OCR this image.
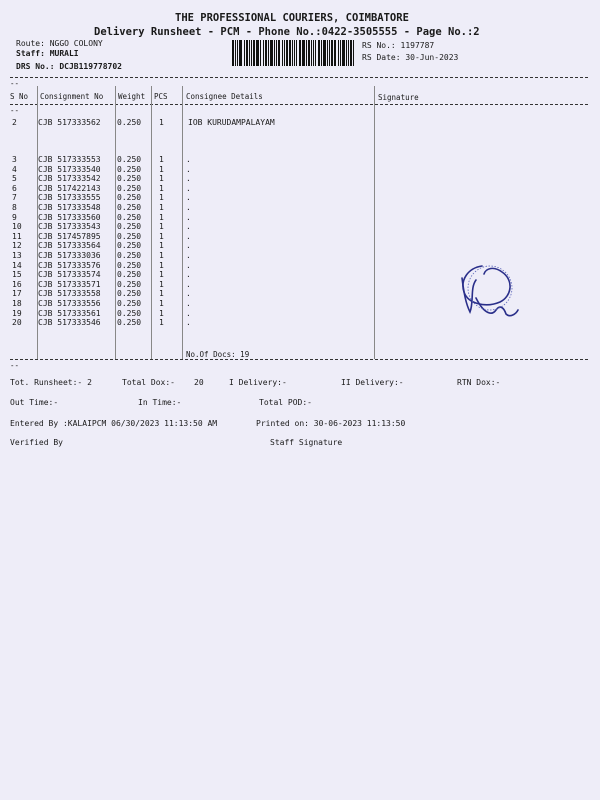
THE PROFESSIONAL COURIERS, COIMBATORE
Delivery Runsheet - PCM - Phone No.:0422-3505555 - Page No.:2
Route: NGGO COLONY
Staff: MURALI
DRS No.: DCJB119778702
RS No.: 1197787
RS Date: 30-Jun-2023
--
S No Consignment No Weight PCS Consignee Details	Signature
--
2	CJB 517333562 0.250 1	IOB KURUDAMPALAYAM
3	CJB 517333553 0.250 1	.
4	CJB 517333540 0.250 1	.
5	CJB 517333542 0.250 1	.
6	CJB 517422143 0.250 1	.
7	CJB 517333555 0.250 1	.
8	CJB 517333548 0.250 1	.
9	CJB 517333560 0.250 1	.
10 CJB 517333543 0.250 1	.
11 CJB 517457895 0.250 1	.
12 CJB 517333564 0.250 1	.
13 CJB 517333036 0.250 1	.
14 CJB 517333576 0.250 1	.
15 CJB 517333574 0.250 1	.
16 CJB 517333571 0.250 1	.
17 CJB 517333558 0.250 1	.
18 CJB 517333556 0.250 1	.
19 CJB 517333561 0.250 1	.
20 CJB 517333546 0.250 1	.
No.Of Docs: 19
--
Tot. Runsheet:- 2	Total Dox:- 20	I Delivery:-	II Delivery:-	RTN Dox:-
Out Time:-	In Time:-	Total POD:-
Entered By :KALAIPCM 06/30/2023 11:13:50 AM	Printed on: 30-06-2023 11:13:50
Verified By	Staff Signature
